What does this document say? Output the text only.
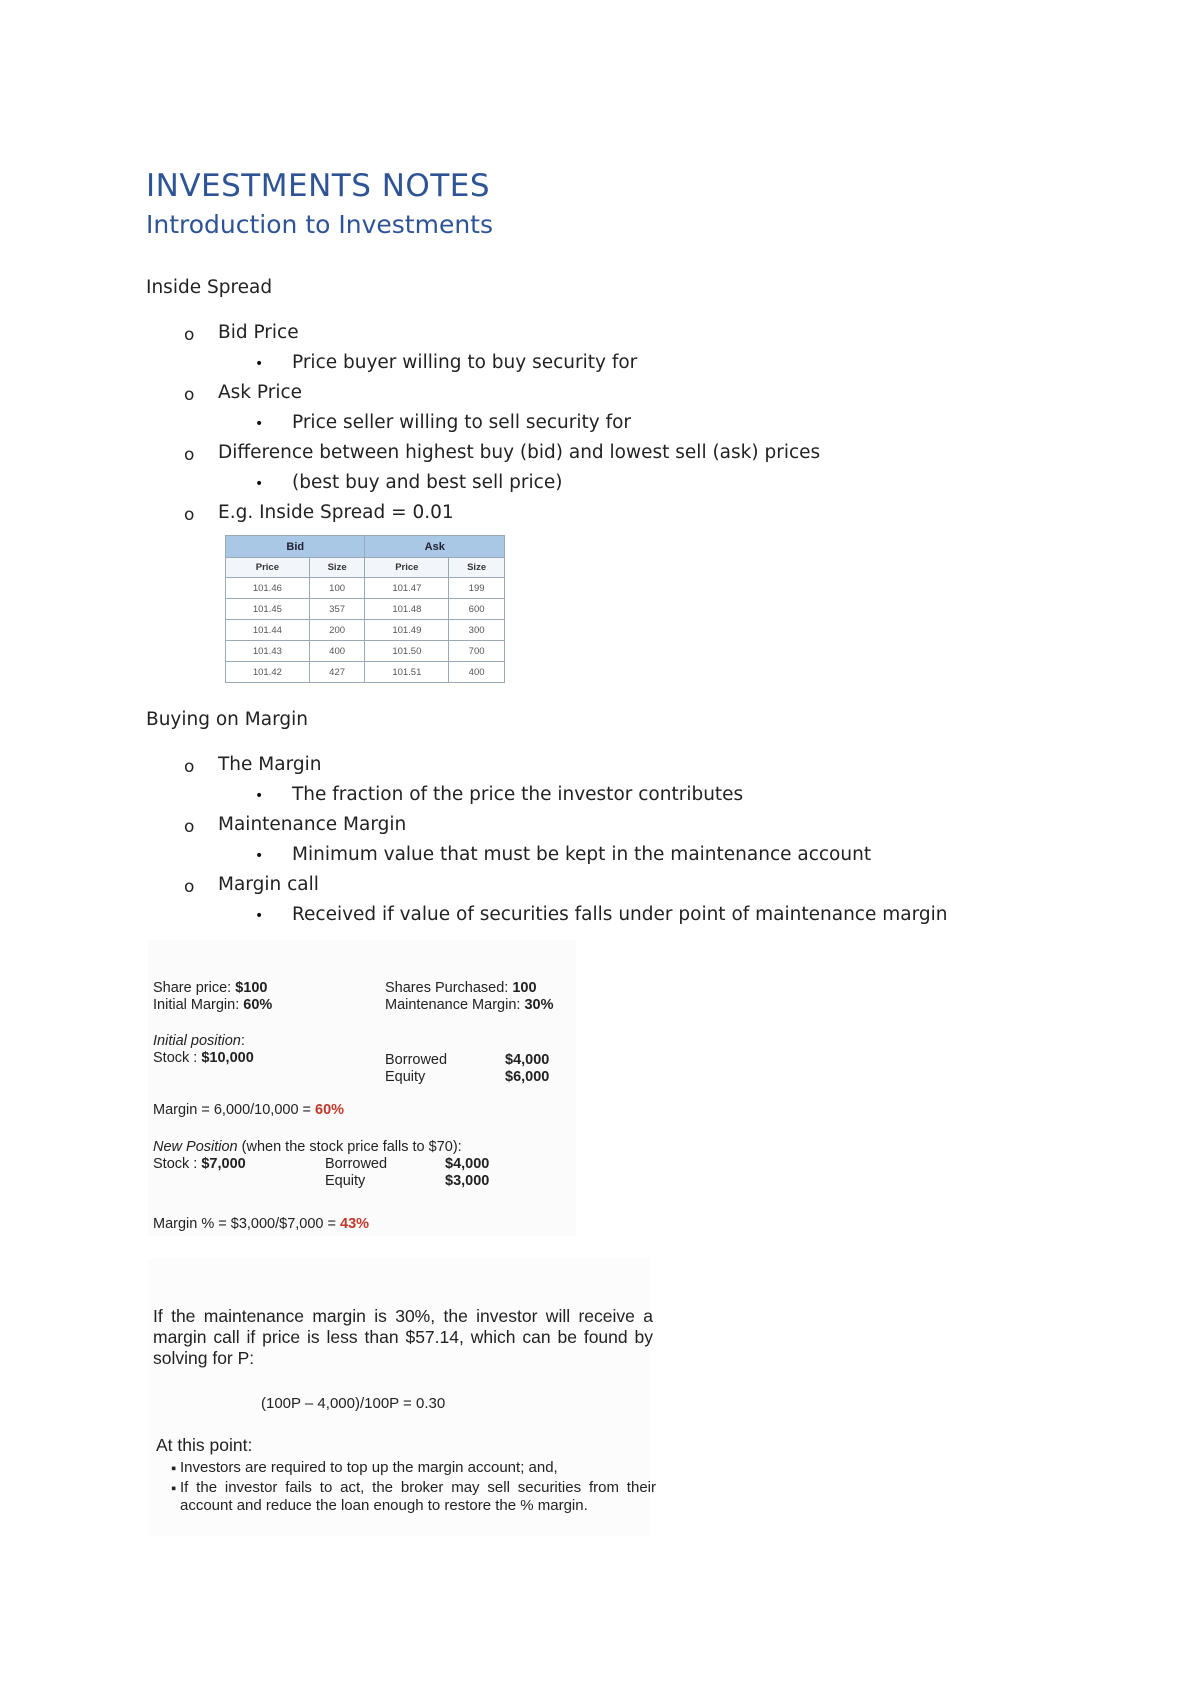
INVESTMENTS NOTES
Introduction to Investments
Inside Spread
o Bid Price
• Price buyer willing to buy security for
o Ask Price
• Price seller willing to sell security for
o Difference between highest buy (bid) and lowest sell (ask) prices
• (best buy and best sell price)
o E.g. Inside Spread = 0.01
Bid		Ask	
Price	Size	Price	Size
101.46	100	101.47	199
101.45	357	101.48	600
101.44	200	101.49	300
101.43	400	101.50	700
101.42	427	101.51	400
Buying on Margin
o The Margin
• The fraction of the price the investor contributes
o Maintenance Margin
• Minimum value that must be kept in the maintenance account
o Margin call
• Received if value of securities falls under point of maintenance margin
Share price: $100
Initial Margin: 60%
Shares Purchased: 100
Maintenance Margin: 30%
Initial position:
Stock : $10,000	Borrowed	$4,000
Equity	$6,000
Margin = 6,000/10,000 = 60%
New Position (when the stock price falls to $70):
Stock : $7,000	Borrowed	$4,000
Equity	$3,000
Margin % = $3,000/$7,000 = 43%
If the maintenance margin is 30%, the investor will receive a margin call if price is less than $57.14, which can be found by solving for P:
(100P – 4,000)/100P = 0.30
At this point:
▪ Investors are required to top up the margin account; and,
▪ If the investor fails to act, the broker may sell securities from their account and reduce the loan enough to restore the % margin.
